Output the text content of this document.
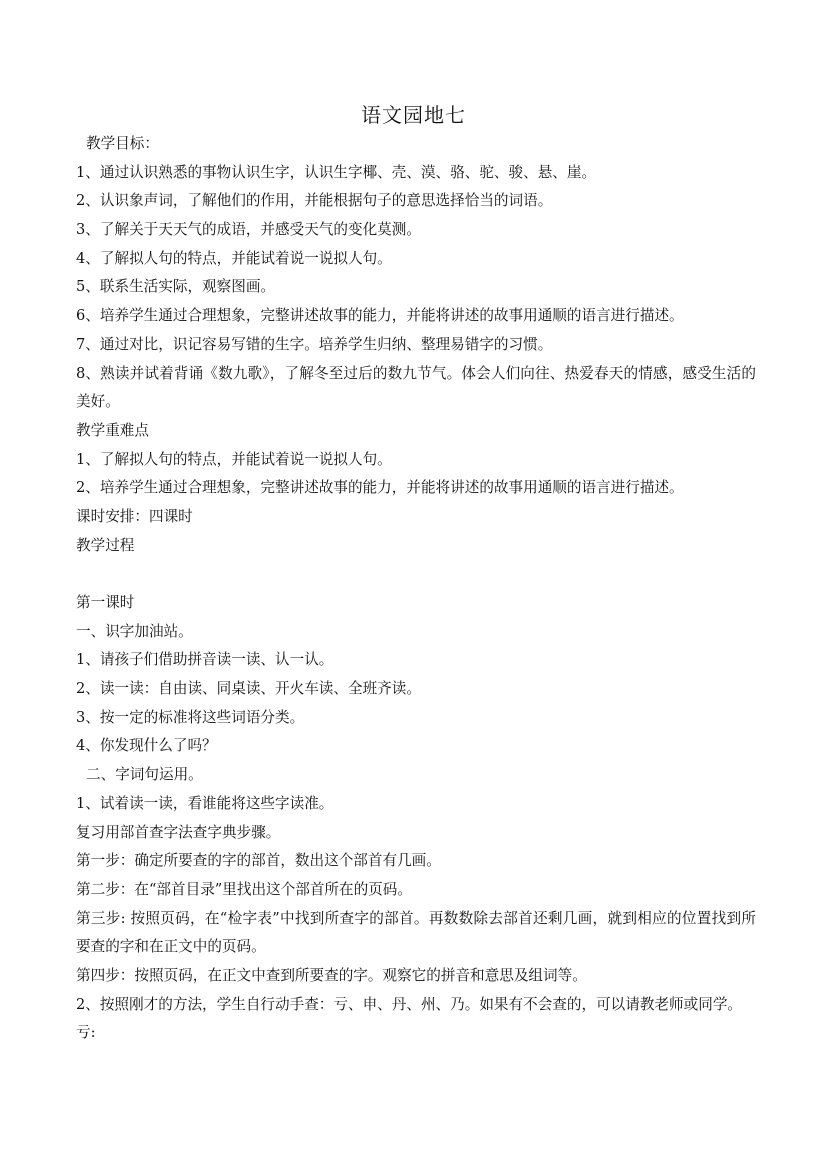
语文园地七
教学目标：
1、通过认识熟悉的事物认识生字，认识生字椰、壳、漠、骆、驼、骏、悬、崖。
2、认识象声词，了解他们的作用，并能根据句子的意思选择恰当的词语。
3、了解关于天天气的成语，并感受天气的变化莫测。
4、了解拟人句的特点，并能试着说一说拟人句。
5、联系生活实际，观察图画。
6、培养学生通过合理想象，完整讲述故事的能力，并能将讲述的故事用通顺的语言进行描述。
7、通过对比，识记容易写错的生字。培养学生归纳、整理易错字的习惯。
8、熟读并试着背诵《数九歌》，了解冬至过后的数九节气。体会人们向往、热爱春天的情感，感受生活的美好。
教学重难点
1、了解拟人句的特点，并能试着说一说拟人句。
2、培养学生通过合理想象，完整讲述故事的能力，并能将讲述的故事用通顺的语言进行描述。
课时安排：四课时
教学过程
第一课时
一、识字加油站。
1、请孩子们借助拼音读一读、认一认。
2、读一读：自由读、同桌读、开火车读、全班齐读。
3、按一定的标准将这些词语分类。
4、你发现什么了吗？
二、字词句运用。
1、试着读一读，看谁能将这些字读准。
复习用部首查字法查字典步骤。
第一步：确定所要查的字的部首，数出这个部首有几画。
第二步：在“部首目录”里找出这个部首所在的页码。
第三步: 按照页码，在“检字表”中找到所查字的部首。再数数除去部首还剩几画，就到相应的位置找到所要查的字和在正文中的页码。
第四步：按照页码，在正文中查到所要查的字。观察它的拼音和意思及组词等。
2、按照刚才的方法，学生自行动手查：亏、申、丹、州、乃。如果有不会查的，可以请教老师或同学。
亏:
